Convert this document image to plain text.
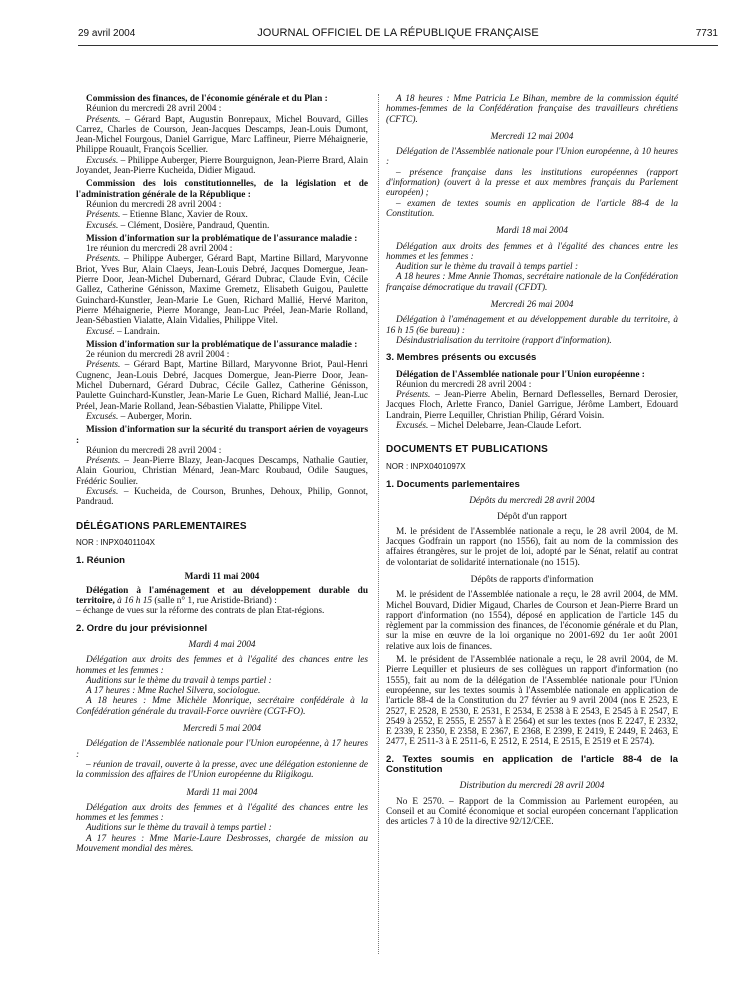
29 avril 2004	JOURNAL OFFICIEL DE LA RÉPUBLIQUE FRANÇAISE	7731

Commission des finances, de l'économie générale et du Plan :

Réunion du mercredi 28 avril 2004 :

Présents. – Gérard Bapt, Augustin Bonrepaux, Michel Bouvard, Gilles Carrez, Charles de Courson, Jean-Jacques Descamps, Jean-Louis Dumont, Jean-Michel Fourgous, Daniel Garrigue, Marc Laffineur, Pierre Méhaignerie, Philippe Rouault, François Scellier.

Excusés. – Philippe Auberger, Pierre Bourguignon, Jean-Pierre Brard, Alain Joyandet, Jean-Pierre Kucheida, Didier Migaud.

Commission des lois constitutionnelles, de la législation et de l'administration générale de la République :

Réunion du mercredi 28 avril 2004 :

Présents. – Etienne Blanc, Xavier de Roux.

Excusés. – Clément, Dosière, Pandraud, Quentin.

Mission d'information sur la problématique de l'assurance maladie :

1re réunion du mercredi 28 avril 2004 :

Présents. – Philippe Auberger, Gérard Bapt, Martine Billard, Maryvonne Briot, Yves Bur, Alain Claeys, Jean-Louis Debré, Jacques Domergue, Jean-Pierre Door, Jean-Michel Dubernard, Gérard Dubrac, Claude Evin, Cécile Gallez, Catherine Génisson, Maxime Gremetz, Elisabeth Guigou, Paulette Guinchard-Kunstler, Jean-Marie Le Guen, Richard Mallié, Hervé Mariton, Pierre Méhaignerie, Pierre Morange, Jean-Luc Préel, Jean-Marie Rolland, Jean-Sébastien Vialatte, Alain Vidalies, Philippe Vitel.

Excusé. – Landrain.

Mission d'information sur la problématique de l'assurance maladie :

2e réunion du mercredi 28 avril 2004 :

Présents. – Gérard Bapt, Martine Billard, Maryvonne Briot, Paul-Henri Cugnenc, Jean-Louis Debré, Jacques Domergue, Jean-Pierre Door, Jean-Michel Dubernard, Gérard Dubrac, Cécile Gallez, Catherine Génisson, Paulette Guinchard-Kunstler, Jean-Marie Le Guen, Richard Mallié, Jean-Luc Préel, Jean-Marie Rolland, Jean-Sébastien Vialatte, Philippe Vitel.

Excusés. – Auberger, Morin.

Mission d'information sur la sécurité du transport aérien de voyageurs :

Réunion du mercredi 28 avril 2004 :

Présents. – Jean-Pierre Blazy, Jean-Jacques Descamps, Nathalie Gautier, Alain Gouriou, Christian Ménard, Jean-Marc Roubaud, Odile Saugues, Frédéric Soulier.

Excusés. – Kucheida, de Courson, Brunhes, Dehoux, Philip, Gonnot, Pandraud.

DÉLÉGATIONS PARLEMENTAIRES

NOR : INPX0401104X

1. Réunion

Mardi 11 mai 2004

Délégation à l'aménagement et au développement durable du territoire, à 16 h 15 (salle n° 1, rue Aristide-Briand) :

– échange de vues sur la réforme des contrats de plan Etat-régions.

2. Ordre du jour prévisionnel

Mardi 4 mai 2004

Délégation aux droits des femmes et à l'égalité des chances entre les hommes et les femmes :

Auditions sur le thème du travail à temps partiel :

A 17 heures : Mme Rachel Silvera, sociologue.

A 18 heures : Mme Michèle Monrique, secrétaire confédérale à la Confédération générale du travail-Force ouvrière (CGT-FO).

Mercredi 5 mai 2004

Délégation de l'Assemblée nationale pour l'Union européenne, à 17 heures :

– réunion de travail, ouverte à la presse, avec une délégation estonienne de la commission des affaires de l'Union européenne du Riigikogu.

Mardi 11 mai 2004

Délégation aux droits des femmes et à l'égalité des chances entre les hommes et les femmes :

Auditions sur le thème du travail à temps partiel :

A 17 heures : Mme Marie-Laure Desbrosses, chargée de mission au Mouvement mondial des mères.

A 18 heures : Mme Patricia Le Bihan, membre de la commission équité hommes-femmes de la Confédération française des travailleurs chrétiens (CFTC).

Mercredi 12 mai 2004

Délégation de l'Assemblée nationale pour l'Union européenne, à 10 heures :

– présence française dans les institutions européennes (rapport d'information) (ouvert à la presse et aux membres français du Parlement européen) ;

– examen de textes soumis en application de l'article 88-4 de la Constitution.

Mardi 18 mai 2004

Délégation aux droits des femmes et à l'égalité des chances entre les hommes et les femmes :

Audition sur le thème du travail à temps partiel :

A 18 heures : Mme Annie Thomas, secrétaire nationale de la Confédération française démocratique du travail (CFDT).

Mercredi 26 mai 2004

Délégation à l'aménagement et au développement durable du territoire, à 16 h 15 (6e bureau) :

Désindustrialisation du territoire (rapport d'information).

3. Membres présents ou excusés

Délégation de l'Assemblée nationale pour l'Union européenne :

Réunion du mercredi 28 avril 2004 :

Présents. – Jean-Pierre Abelin, Bernard Deflesselles, Bernard Derosier, Jacques Floch, Arlette Franco, Daniel Garrigue, Jérôme Lambert, Edouard Landrain, Pierre Lequiller, Christian Philip, Gérard Voisin.

Excusés. – Michel Delebarre, Jean-Claude Lefort.

DOCUMENTS ET PUBLICATIONS

NOR : INPX0401097X

1. Documents parlementaires

Dépôts du mercredi 28 avril 2004

Dépôt d'un rapport

M. le président de l'Assemblée nationale a reçu, le 28 avril 2004, de M. Jacques Godfrain un rapport (no 1556), fait au nom de la commission des affaires étrangères, sur le projet de loi, adopté par le Sénat, relatif au contrat de volontariat de solidarité internationale (no 1515).

Dépôts de rapports d'information

M. le président de l'Assemblée nationale a reçu, le 28 avril 2004, de MM. Michel Bouvard, Didier Migaud, Charles de Courson et Jean-Pierre Brard un rapport d'information (no 1554), déposé en application de l'article 145 du règlement par la commission des finances, de l'économie générale et du Plan, sur la mise en œuvre de la loi organique no 2001-692 du 1er août 2001 relative aux lois de finances.

M. le président de l'Assemblée nationale a reçu, le 28 avril 2004, de M. Pierre Lequiller et plusieurs de ses collègues un rapport d'information (no 1555), fait au nom de la délégation de l'Assemblée nationale pour l'Union européenne, sur les textes soumis à l'Assemblée nationale en application de l'article 88-4 de la Constitution du 27 février au 9 avril 2004 (nos E 2523, E 2527, E 2528, E 2530, E 2531, E 2534, E 2538 à E 2543, E 2545 à E 2547, E 2549 à 2552, E 2555, E 2557 à E 2564) et sur les textes (nos E 2247, E 2332, E 2339, E 2350, E 2358, E 2367, E 2368, E 2399, E 2419, E 2449, E 2463, E 2477, E 2511-3 à E 2511-6, E 2512, E 2514, E 2515, E 2519 et E 2574).

2. Textes soumis en application de l'article 88-4 de la Constitution

Distribution du mercredi 28 avril 2004

No E 2570. – Rapport de la Commission au Parlement européen, au Conseil et au Comité économique et social européen concernant l'application des articles 7 à 10 de la directive 92/12/CEE.
